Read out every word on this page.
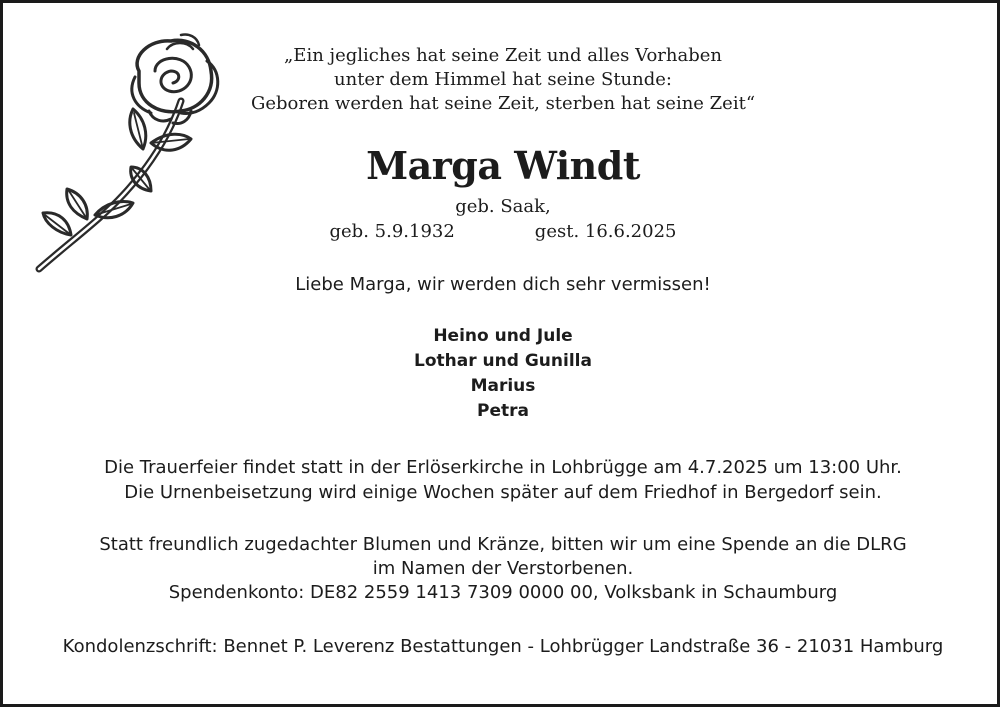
„Ein jegliches hat seine Zeit und alles Vorhaben
unter dem Himmel hat seine Stunde:
Geboren werden hat seine Zeit, sterben hat seine Zeit“
Marga Windt
geb. Saak,
geb. 5.9.1932	gest. 16.6.2025
Liebe Marga, wir werden dich sehr vermissen!
Heino und Jule
Lothar und Gunilla
Marius
Petra
Die Trauerfeier findet statt in der Erlöserkirche in Lohbrügge am 4.7.2025 um 13:00 Uhr.
Die Urnenbeisetzung wird einige Wochen später auf dem Friedhof in Bergedorf sein.
Statt freundlich zugedachter Blumen und Kränze, bitten wir um eine Spende an die DLRG
im Namen der Verstorbenen.
Spendenkonto: DE82 2559 1413 7309 0000 00, Volksbank in Schaumburg
Kondolenzschrift: Bennet P. Leverenz Bestattungen - Lohbrügger Landstraße 36 - 21031 Hamburg
